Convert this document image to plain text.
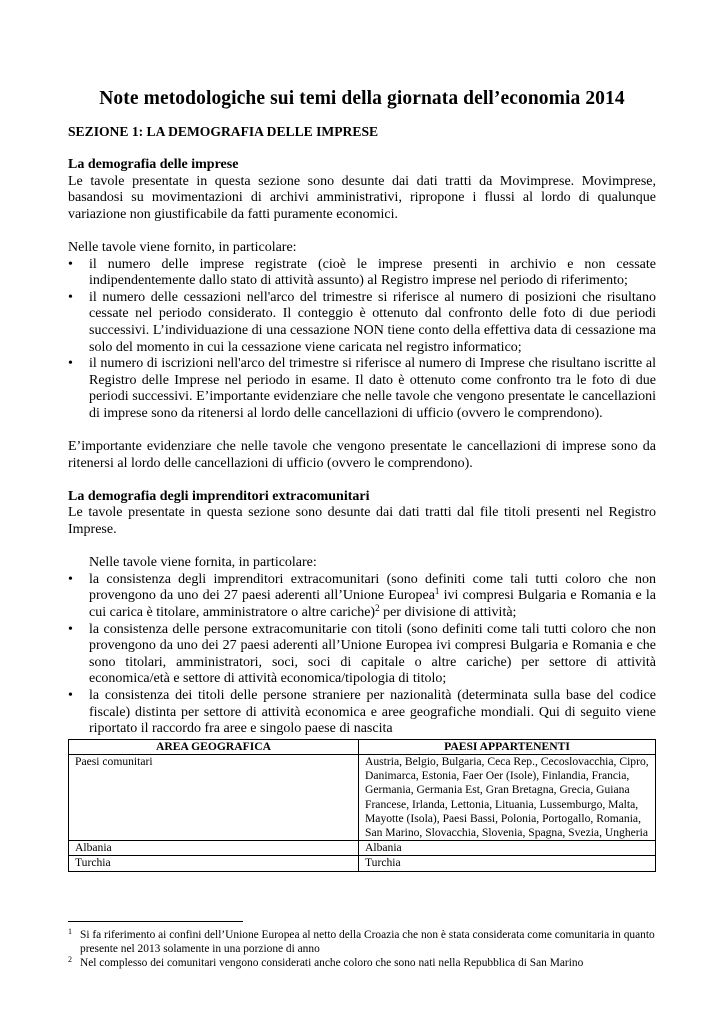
Note metodologiche sui temi della giornata dell’economia 2014
SEZIONE 1: LA DEMOGRAFIA DELLE IMPRESE
La demografia delle imprese

Le tavole presentate in questa sezione sono desunte dai dati tratti da Movimprese. Movimprese, basandosi su movimentazioni di archivi amministrativi, ripropone i flussi al lordo di qualunque variazione non giustificabile da fatti puramente economici.

Nelle tavole viene fornito, in particolare:

• il numero delle imprese registrate (cioè le imprese presenti in archivio e non cessate indipendentemente dallo stato di attività assunto) al Registro imprese nel periodo di riferimento;
• il numero delle cessazioni nell'arco del trimestre si riferisce al numero di posizioni che risultano cessate nel periodo considerato. Il conteggio è ottenuto dal confronto delle foto di due periodi successivi. L’individuazione di una cessazione NON tiene conto della effettiva data di cessazione ma solo del momento in cui la cessazione viene caricata nel registro informatico;
• il numero di iscrizioni nell'arco del trimestre si riferisce al numero di Imprese che risultano iscritte al Registro delle Imprese nel periodo in esame. Il dato è ottenuto come confronto tra le foto di due periodi successivi. E’importante evidenziare che nelle tavole che vengono presentate le cancellazioni di imprese sono da ritenersi al lordo delle cancellazioni di ufficio (ovvero le comprendono).

E’importante evidenziare che nelle tavole che vengono presentate le cancellazioni di imprese sono da ritenersi al lordo delle cancellazioni di ufficio (ovvero le comprendono).

La demografia degli imprenditori extracomunitari

Le tavole presentate in questa sezione sono desunte dai dati tratti dal file titoli presenti nel Registro Imprese.

Nelle tavole viene fornita, in particolare:

• la consistenza degli imprenditori extracomunitari (sono definiti come tali tutti coloro che non provengono da uno dei 27 paesi aderenti all’Unione Europea$^1$ ivi compresi Bulgaria e Romania e la cui carica è titolare, amministratore o altre cariche)$^2$ per divisione di attività;
• la consistenza delle persone extracomunitarie con titoli (sono definiti come tali tutti coloro che non provengono da uno dei 27 paesi aderenti all’Unione Europea ivi compresi Bulgaria e Romania e che sono titolari, amministratori, soci, soci di capitale o altre cariche) per settore di attività economica/età e settore di attività economica/tipologia di titolo;
• la consistenza dei titoli delle persone straniere per nazionalità (determinata sulla base del codice fiscale) distinta per settore di attività economica e aree geografiche mondiali. Qui di seguito viene riportato il raccordo fra aree e singolo paese di nascita
AREA GEOGRAFICA	PAESI APPARTENENTI
Paesi comunitari	Austria, Belgio, Bulgaria, Ceca Rep., Cecoslovacchia, Cipro, Danimarca, Estonia, Faer Oer (Isole), Finlandia, Francia, Germania, Germania Est, Gran Bretagna, Grecia, Guiana Francese, Irlanda, Lettonia, Lituania, Lussemburgo, Malta, Mayotte (Isola), Paesi Bassi, Polonia, Portogallo, Romania, San Marino, Slovacchia, Slovenia, Spagna, Svezia, Ungheria
Albania	Albania
Turchia	Turchia
1 Si fa riferimento ai confini dell’Unione Europea al netto della Croazia che non è stata considerata come comunitaria in quanto presente nel 2013 solamente in una porzione di anno
2 Nel complesso dei comunitari vengono considerati anche coloro che sono nati nella Repubblica di San Marino
